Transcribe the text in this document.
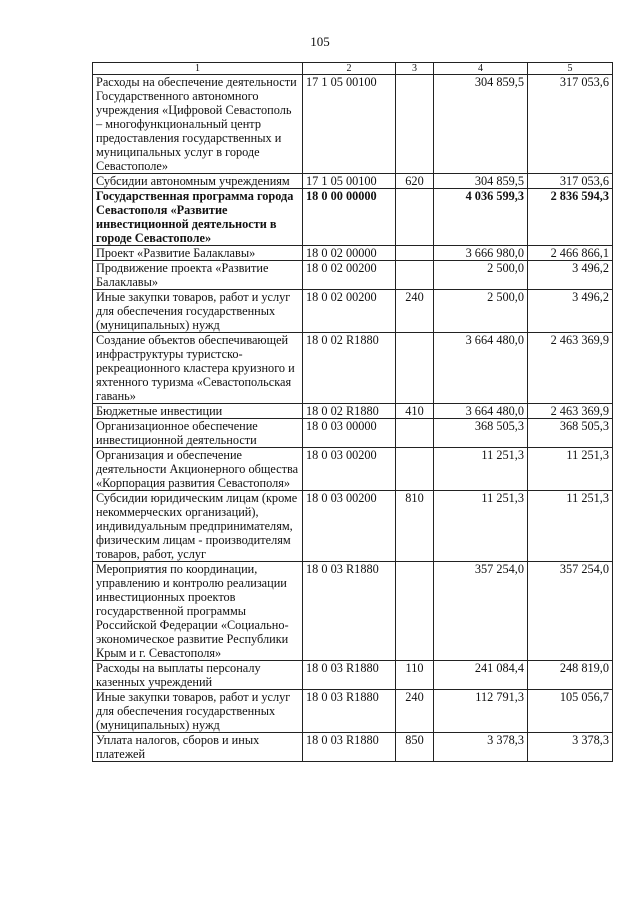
105
1	2	3	4	5
Расходы на обеспечение деятельности Государственного автономного учреждения «Цифровой Севастополь – многофункциональный центр предоставления государственных и муниципальных услуг в городе Севастополе»	17 1 05 00100		304 859,5	317 053,6
Субсидии автономным учреждениям	17 1 05 00100	620	304 859,5	317 053,6
Государственная программа города Севастополя «Развитие инвестиционной деятельности в городе Севастополе»	18 0 00 00000		4 036 599,3	2 836 594,3
Проект «Развитие Балаклавы»	18 0 02 00000		3 666 980,0	2 466 866,1
Продвижение проекта «Развитие Балаклавы»	18 0 02 00200		2 500,0	3 496,2
Иные закупки товаров, работ и услуг для обеспечения государственных (муниципальных) нужд	18 0 02 00200	240	2 500,0	3 496,2
Создание объектов обеспечивающей инфраструктуры туристско-рекреационного кластера круизного и яхтенного туризма «Севастопольская гавань»	18 0 02 R1880		3 664 480,0	2 463 369,9
Бюджетные инвестиции	18 0 02 R1880	410	3 664 480,0	2 463 369,9
Организационное обеспечение инвестиционной деятельности	18 0 03 00000		368 505,3	368 505,3
Организация и обеспечение деятельности Акционерного общества «Корпорация развития Севастополя»	18 0 03 00200		11 251,3	11 251,3
Субсидии юридическим лицам (кроме некоммерческих организаций), индивидуальным предпринимателям, физическим лицам - производителям товаров, работ, услуг	18 0 03 00200	810	11 251,3	11 251,3
Мероприятия по координации, управлению и контролю реализации инвестиционных проектов государственной программы Российской Федерации «Социально-экономическое развитие Республики Крым и г. Севастополя»	18 0 03 R1880		357 254,0	357 254,0
Расходы на выплаты персоналу казенных учреждений	18 0 03 R1880	110	241 084,4	248 819,0
Иные закупки товаров, работ и услуг для обеспечения государственных (муниципальных) нужд	18 0 03 R1880	240	112 791,3	105 056,7
Уплата налогов, сборов и иных платежей	18 0 03 R1880	850	3 378,3	3 378,3
